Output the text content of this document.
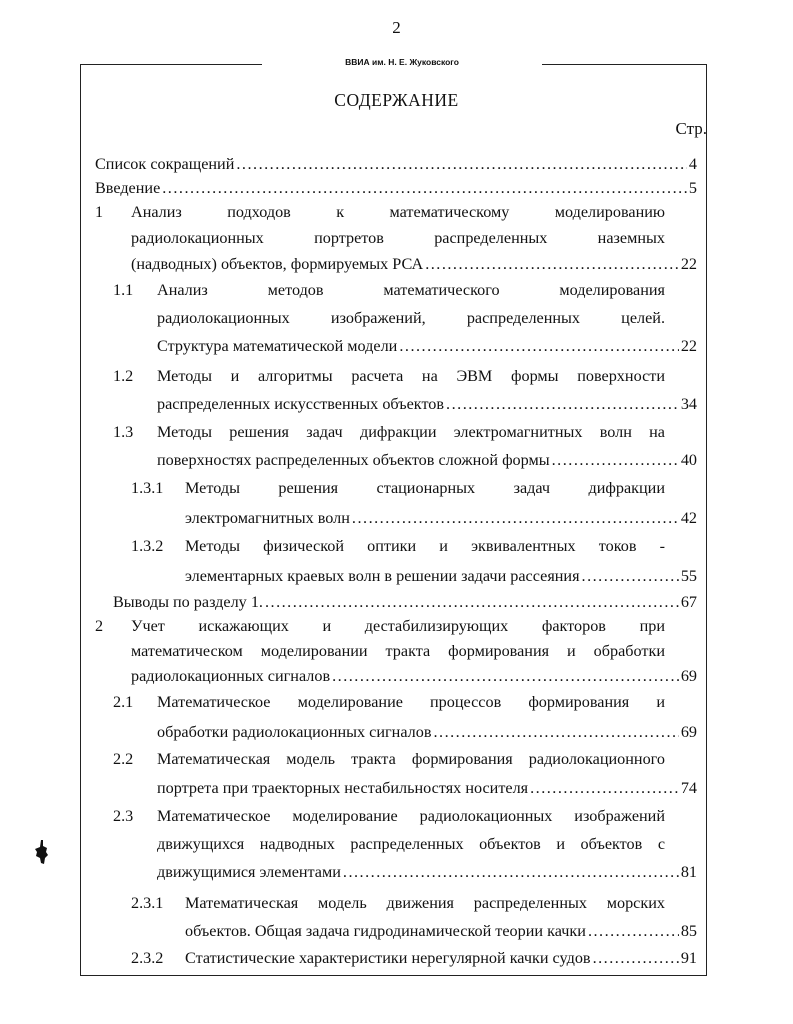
2
ВВИА им. Н. Е. Жуковского
СОДЕРЖАНИЕ
Стр.
Список сокращений .....	4
Введение .....	5
1 Анализ подходов к математическому моделированию
радиолокационных портретов распределенных наземных
(надводных) объектов, формируемых РСА .....	22
1.1 Анализ методов математического моделирования
радиолокационных изображений, распределенных целей.
Структура математической модели .....	22
1.2 Методы и алгоритмы расчета на ЭВМ формы поверхности
распределенных искусственных объектов .....	34
1.3 Методы решения задач дифракции электромагнитных волн на
поверхностях распределенных объектов сложной формы .....	40
1.3.1 Методы решения стационарных задач дифракции
электромагнитных волн .....	42
1.3.2 Методы физической оптики и эквивалентных токов -
элементарных краевых волн в решении задачи рассеяния .....	55
Выводы по разделу 1. .....	67
2 Учет искажающих и дестабилизирующих факторов при
математическом моделировании тракта формирования и обработки
радиолокационных сигналов .....	69
2.1 Математическое моделирование процессов формирования и
обработки радиолокационных сигналов .....	69
2.2 Математическая модель тракта формирования радиолокационного
портрета при траекторных нестабильностях носителя .....	74
2.3 Математическое моделирование радиолокационных изображений
движущихся надводных распределенных объектов и объектов с
движущимися элементами .....	81
2.3.1 Математическая модель движения распределенных морских
объектов. Общая задача гидродинамической теории качки .....	85
2.3.2 Статистические характеристики нерегулярной качки судов .....	91
